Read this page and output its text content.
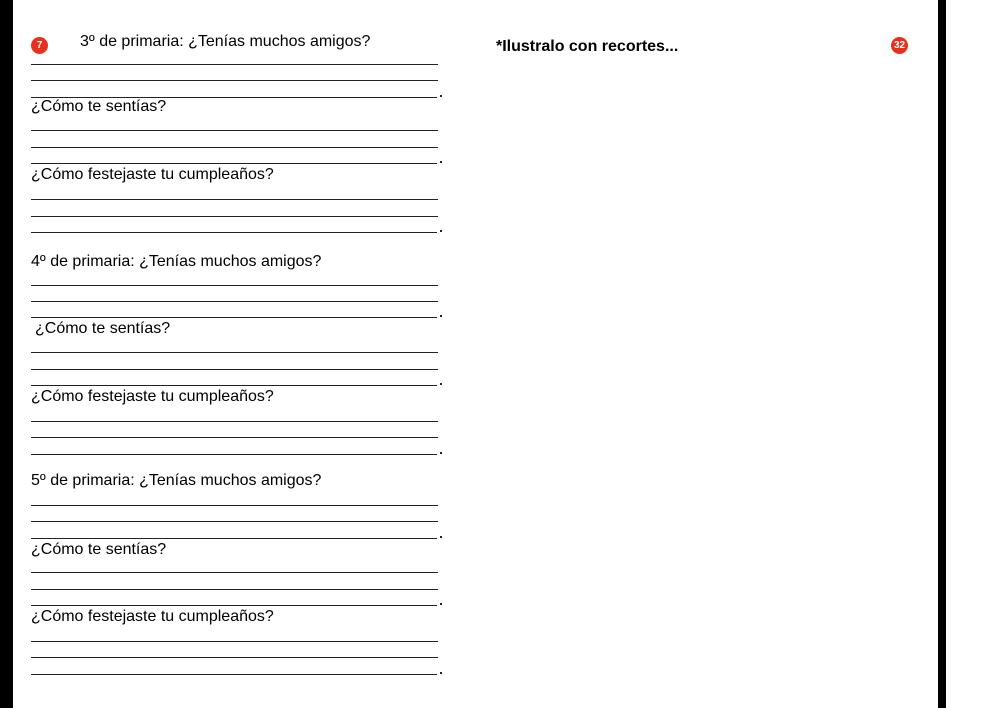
7	32
*Ilustralo con recortes...
3º de primaria: ¿Tenías muchos amigos?
¿Cómo te sentías?
¿Cómo festejaste tu cumpleaños?
4º de primaria: ¿Tenías muchos amigos?
¿Cómo te sentías?
¿Cómo festejaste tu cumpleaños?
5º de primaria: ¿Tenías muchos amigos?
¿Cómo te sentías?
¿Cómo festejaste tu cumpleaños?
